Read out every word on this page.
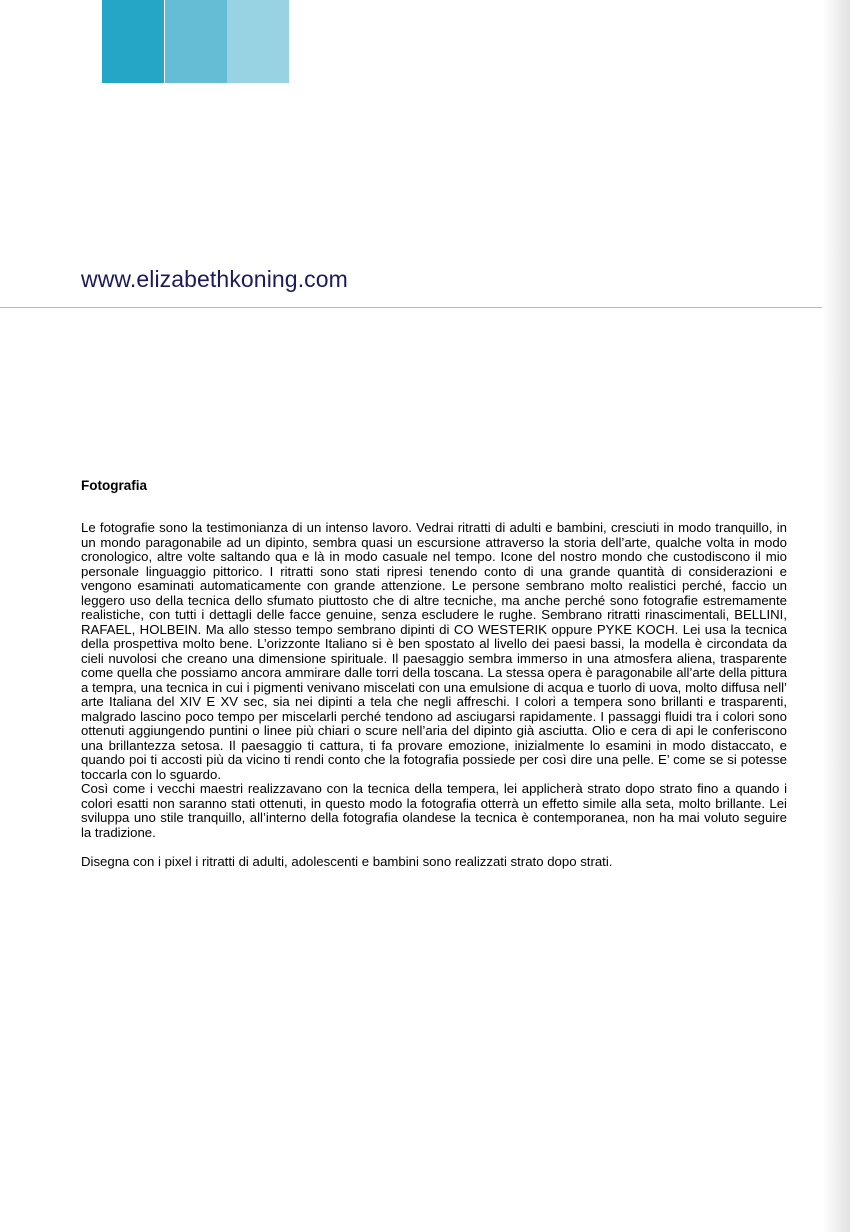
www.elizabethkoning.com
Fotografia

Le fotografie sono la testimonianza di un intenso lavoro. Vedrai ritratti di adulti e bambini, cresciuti in modo tranquillo, in un mondo paragonabile ad un dipinto, sembra quasi un escursione attraverso la storia dell’arte, qualche volta in modo cronologico, altre volte saltando qua e là in modo casuale nel tempo. Icone del nostro mondo che custodiscono il mio personale linguaggio pittorico. I ritratti sono stati ripresi tenendo conto di una grande quantità di considerazioni e vengono esaminati automaticamente con grande attenzione. Le persone sembrano molto realistici perché, faccio un leggero uso della tecnica dello sfumato piuttosto che di altre tecniche, ma anche perché sono fotografie estremamente realistiche, con tutti i dettagli delle facce genuine, senza escludere le rughe. Sembrano ritratti rinascimentali, BELLINI, RAFAEL, HOLBEIN. Ma allo stesso tempo sembrano dipinti di CO WESTERIK oppure PYKE KOCH. Lei usa la tecnica della prospettiva molto bene. L’orizzonte Italiano si è ben spostato al livello dei paesi bassi, la modella è circondata da cieli nuvolosi che creano una dimensione spirituale. Il paesaggio sembra immerso in una atmosfera aliena, trasparente come quella che possiamo ancora ammirare dalle torri della toscana. La stessa opera è paragonabile all’arte della pittura a tempra, una tecnica in cui i pigmenti venivano miscelati con una emulsione di acqua e tuorlo di uova, molto diffusa nell’ arte Italiana del XIV E XV sec, sia nei dipinti a tela che negli affreschi. I colori a tempera sono brillanti e trasparenti, malgrado lascino poco tempo per miscelarli perché tendono ad asciugarsi rapidamente. I passaggi fluidi tra i colori sono ottenuti aggiungendo puntini o linee più chiari o scure nell’aria del dipinto già asciutta. Olio e cera di api le conferiscono una brillantezza setosa. Il paesaggio ti cattura, ti fa provare emozione, inizialmente lo esamini in modo distaccato, e quando poi ti accosti più da vicino ti rendi conto che la fotografia possiede per così dire una pelle. E’ come se si potesse toccarla con lo sguardo.

Così come i vecchi maestri realizzavano con la tecnica della tempera, lei applicherà strato dopo strato fino a quando i colori esatti non saranno stati ottenuti, in questo modo la fotografia otterrà un effetto simile alla seta, molto brillante. Lei sviluppa uno stile tranquillo, all’interno della fotografia olandese la tecnica è contemporanea, non ha mai voluto seguire la tradizione.

Disegna con i pixel i ritratti di adulti, adolescenti e bambini sono realizzati strato dopo strati.
